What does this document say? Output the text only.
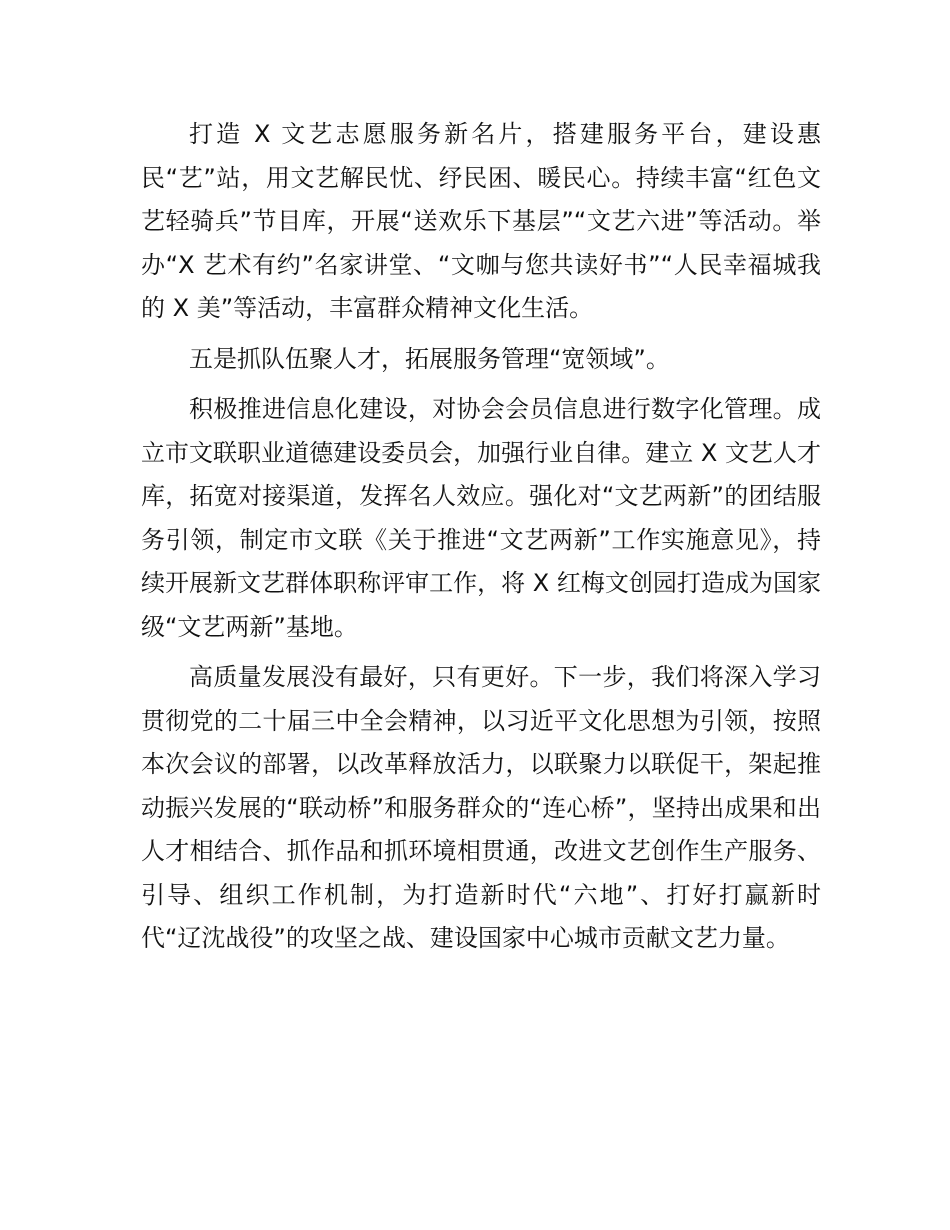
打造 X 文艺志愿服务新名片，搭建服务平台，建设惠民“艺”站，用文艺解民忧、纾民困、暖民心。持续丰富“红色文艺轻骑兵”节目库，开展“送欢乐下基层”“文艺六进”等活动。举办“X 艺术有约”名家讲堂、“文咖与您共读好书”“人民幸福城我的 X 美”等活动，丰富群众精神文化生活。

五是抓队伍聚人才，拓展服务管理“宽领域”。

积极推进信息化建设，对协会会员信息进行数字化管理。成立市文联职业道德建设委员会，加强行业自律。建立 X 文艺人才库，拓宽对接渠道，发挥名人效应。强化对“文艺两新”的团结服务引领，制定市文联《关于推进“文艺两新”工作实施意见》，持续开展新文艺群体职称评审工作，将 X 红梅文创园打造成为国家级“文艺两新”基地。

高质量发展没有最好，只有更好。下一步，我们将深入学习贯彻党的二十届三中全会精神，以习近平文化思想为引领，按照本次会议的部署，以改革释放活力，以联聚力以联促干，架起推动振兴发展的“联动桥”和服务群众的“连心桥”，坚持出成果和出人才相结合、抓作品和抓环境相贯通，改进文艺创作生产服务、引导、组织工作机制，为打造新时代“六地”、打好打赢新时代“辽沈战役”的攻坚之战、建设国家中心城市贡献文艺力量。
